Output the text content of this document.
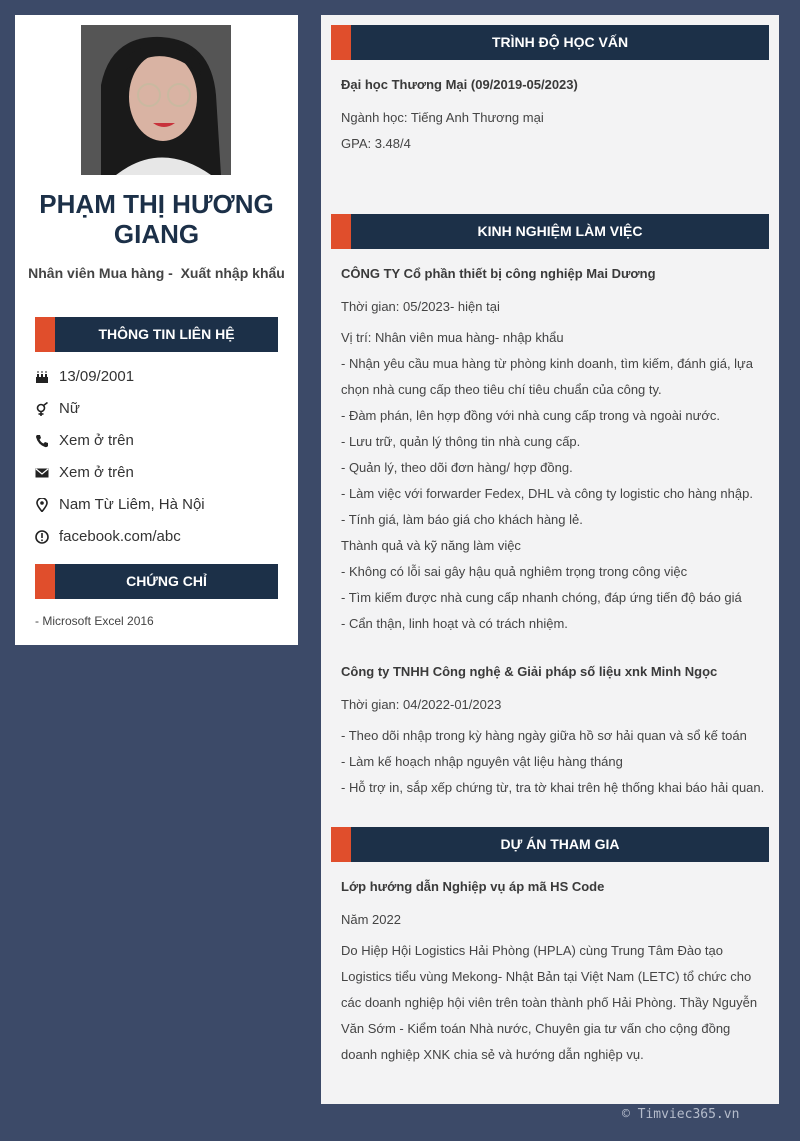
PHẠM THỊ HƯƠNG GIANG
Nhân viên Mua hàng -  Xuất nhập khẩu
THÔNG TIN LIÊN HỆ
13/09/2001
Nữ
Xem ở trên
Xem ở trên
Nam Từ Liêm, Hà Nội
facebook.com/abc
CHỨNG CHỈ
- Microsoft Excel 2016
TRÌNH ĐỘ HỌC VẤN
Đại học Thương Mại (09/2019-05/2023)
Ngành học: Tiếng Anh Thương mại
GPA: 3.48/4
KINH NGHIỆM LÀM VIỆC
CÔNG TY Cổ phần thiết bị công nghiệp Mai Dương
Thời gian: 05/2023- hiện tại
Vị trí: Nhân viên mua hàng- nhập khẩu
- Nhận yêu cầu mua hàng từ phòng kinh doanh, tìm kiếm, đánh giá, lựa chọn nhà cung cấp theo tiêu chí tiêu chuẩn của công ty.
- Đàm phán, lên hợp đồng với nhà cung cấp trong và ngoài nước.
- Lưu trữ, quản lý thông tin nhà cung cấp.
- Quản lý, theo dõi đơn hàng/ hợp đồng.
- Làm việc với forwarder Fedex, DHL và công ty logistic cho hàng nhập.
- Tính giá, làm báo giá cho khách hàng lẻ.
Thành quả và kỹ năng làm việc
- Không có lỗi sai gây hậu quả nghiêm trọng trong công việc
- Tìm kiếm được nhà cung cấp nhanh chóng, đáp ứng tiến độ báo giá
- Cẩn thận, linh hoạt và có trách nhiệm.
Công ty TNHH Công nghệ & Giải pháp số liệu xnk Minh Ngọc
Thời gian: 04/2022-01/2023
- Theo dõi nhập trong kỳ hàng ngày giữa hồ sơ hải quan và sổ kế toán
- Làm kế hoạch nhập nguyên vật liệu hàng tháng
- Hỗ trợ in, sắp xếp chứng từ, tra tờ khai trên hệ thống khai báo hải quan.
DỰ ÁN THAM GIA
Lớp hướng dẫn Nghiệp vụ áp mã HS Code
Năm 2022
Do Hiệp Hội Logistics Hải Phòng (HPLA) cùng Trung Tâm Đào tạo Logistics tiểu vùng Mekong- Nhật Bản tại Việt Nam (LETC) tổ chức cho các doanh nghiệp hội viên trên toàn thành phố Hải Phòng. Thầy Nguyễn Văn Sớm - Kiểm toán Nhà nước, Chuyên gia tư vấn cho cộng đồng doanh nghiệp XNK chia sẻ và hướng dẫn nghiệp vụ.
© Timviec365.vn
